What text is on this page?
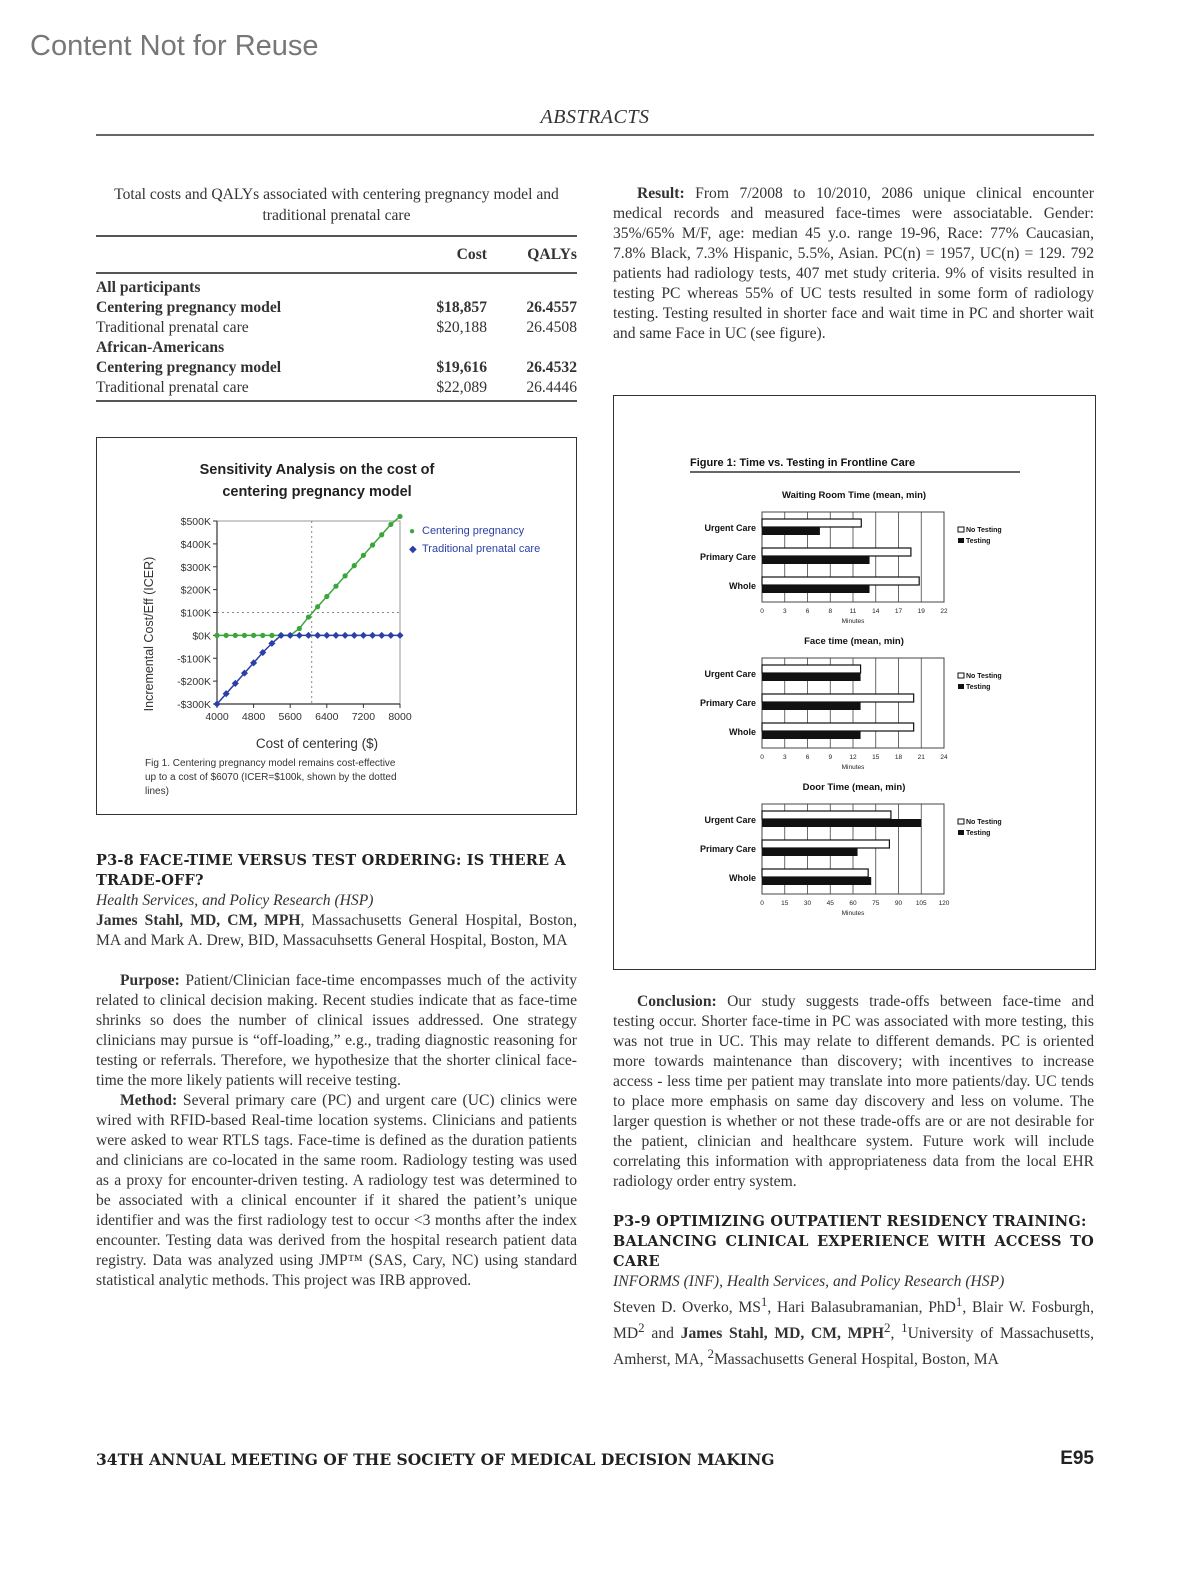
Content Not for Reuse
ABSTRACTS
Total costs and QALYs associated with centering pregnancy model and traditional prenatal care
	Cost	QALYs
All participants		
Centering pregnancy model	$18,857	26.4557
Traditional prenatal care	$20,188	26.4508
African-Americans		
Centering pregnancy model	$19,616	26.4532
Traditional prenatal care	$22,089	26.4446
Sensitivity Analysis on the cost of
centering pregnancy model
Incremental Cost/Eff (ICER)
Cost of centering ($)
$500K
$400K
$300K
$200K
$100K
$0K
-$100K
-$200K
-$300K
4000 4800 5600 6400 7200 8000
Fig 1. Centering pregnancy model remains cost-effective
up to a cost of $6070 (ICER=$100k, shown by the dotted
lines)
● Centering pregnancy
◆ Traditional prenatal care
P3-8 FACE-TIME VERSUS TEST ORDERING: IS THERE A
TRADE-OFF?
Health Services, and Policy Research (HSP)
James Stahl, MD, CM, MPH, Massachusetts General Hospital, Boston, MA and Mark A. Drew, BID, Massacuhsetts General Hospital, Boston, MA
Purpose: Patient/Clinician face-time encompasses much of the activity related to clinical decision making. Recent studies indicate that as face-time shrinks so does the number of clinical issues addressed. One strategy clinicians may pursue is “off-loading,” e.g., trading diagnostic reasoning for testing or referrals. Therefore, we hypothesize that the shorter clinical face-time the more likely patients will receive testing.
Method: Several primary care (PC) and urgent care (UC) clinics were wired with RFID-based Real-time location systems. Clinicians and patients were asked to wear RTLS tags. Face-time is defined as the duration patients and clinicians are co-located in the same room. Radiology testing was used as a proxy for encounter-driven testing. A radiology test was determined to be associated with a clinical encounter if it shared the patient’s unique identifier and was the first radiology test to occur <3 months after the index encounter. Testing data was derived from the hospital research patient data registry. Data was analyzed using JMP™ (SAS, Cary, NC) using standard statistical analytic methods. This project was IRB approved.
Result: From 7/2008 to 10/2010, 2086 unique clinical encounter medical records and measured face-times were associatable. Gender: 35%/65% M/F, age: median 45 y.o. range 19-96, Race: 77% Caucasian, 7.8% Black, 7.3% Hispanic, 5.5%, Asian. PC(n) = 1957, UC(n) = 129. 792 patients had radiology tests, 407 met study criteria. 9% of visits resulted in testing PC whereas 55% of UC tests resulted in some form of radiology testing. Testing resulted in shorter face and wait time in PC and shorter wait and same Face in UC (see figure).
Figure 1: Time vs. Testing in Frontline Care
Waiting Room Time (mean, min)
0	3	6	8	11 14 17 19 22
Minutes
Urgent Care
Primary Care
Whole
No Testing
Testing
Face time (mean, min)
0	3	6	9	12 15 18 21 24
Minutes
Urgent Care
Primary Care
Whole
No Testing
Testing
Door Time (mean, min)
0	15 30 45 60 75 90 105 120
Minutes
Urgent Care
Primary Care
Whole
No Testing
Testing
Conclusion: Our study suggests trade-offs between face-time and testing occur. Shorter face-time in PC was associated with more testing, this was not true in UC. This may relate to different demands. PC is oriented more towards maintenance than discovery; with incentives to increase access - less time per patient may translate into more patients/day. UC tends to place more emphasis on same day discovery and less on volume. The larger question is whether or not these trade-offs are or are not desirable for the patient, clinician and healthcare system. Future work will include correlating this information with appropriateness data from the local EHR radiology order entry system.
P3-9 OPTIMIZING OUTPATIENT RESIDENCY TRAINING:
BALANCING CLINICAL EXPERIENCE WITH ACCESS TO CARE
INFORMS (INF), Health Services, and Policy Research (HSP)
Steven D. Overko, $MS^1$, Hari Balasubramanian, PhD$^1$, Blair W. Fosburgh, $MD^2$ and James Stahl, MD, CM, MPH$^2$, $^1$University of Massachusetts, Amherst, MA, $^2$Massachusetts General Hospital, Boston, MA
34TH ANNUAL MEETING OF THE SOCIETY OF MEDICAL DECISION MAKING	E95
